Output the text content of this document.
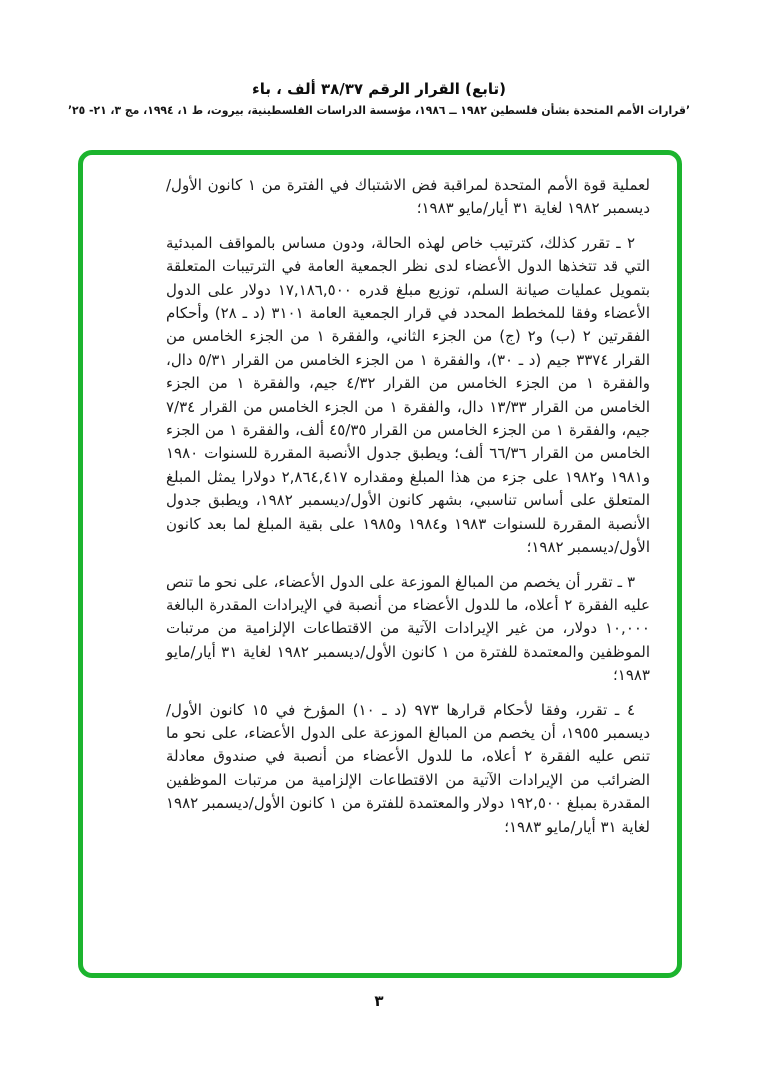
(تابع) القرار الرقم ٣٨/٣٧ ألف ، باء
’قرارات الأمم المتحدة بشأن فلسطين ١٩٨٢ ــ ١٩٨٦، مؤسسة الدراسات الفلسطينية، بيروت، ط ١، ١٩٩٤، مج ٣، ٢١- ٢٥’

لعملية قوة الأمم المتحدة لمراقبة فض الاشتباك في الفترة من ١ كانون الأول/ديسمبر ١٩٨٢ لغاية ٣١ أيار/مايو ١٩٨٣؛

٢ ـ تقرر كذلك، كترتيب خاص لهذه الحالة، ودون مساس بالمواقف المبدئية التي قد تتخذها الدول الأعضاء لدى نظر الجمعية العامة في الترتيبات المتعلقة بتمويل عمليات صيانة السلم، توزيع مبلغ قدره ١٧,١٨٦,٥٠٠ دولار على الدول الأعضاء وفقا للمخطط المحدد في قرار الجمعية العامة ٣١٠١ (د ـ ٢٨) وأحكام الفقرتين ٢ (ب) و٢ (ج) من الجزء الثاني، والفقرة ١ من الجزء الخامس من القرار ٣٣٧٤ جيم (د ـ ٣٠)، والفقرة ١ من الجزء الخامس من القرار ٥/٣١ دال، والفقرة ١ من الجزء الخامس من القرار ٤/٣٢ جيم، والفقرة ١ من الجزء الخامس من القرار ١٣/٣٣ دال، والفقرة ١ من الجزء الخامس من القرار ٧/٣٤ جيم، والفقرة ١ من الجزء الخامس من القرار ٤٥/٣٥ ألف، والفقرة ١ من الجزء الخامس من القرار ٦٦/٣٦ ألف؛ ويطبق جدول الأنصبة المقررة للسنوات ١٩٨٠ و١٩٨١ و١٩٨٢ على جزء من هذا المبلغ ومقداره ٢,٨٦٤,٤١٧ دولارا يمثل المبلغ المتعلق على أساس تناسبي، بشهر كانون الأول/ديسمبر ١٩٨٢، ويطبق جدول الأنصبة المقررة للسنوات ١٩٨٣ و١٩٨٤ و١٩٨٥ على بقية المبلغ لما بعد كانون الأول/ديسمبر ١٩٨٢؛

٣ ـ تقرر أن يخصم من المبالغ الموزعة على الدول الأعضاء، على نحو ما تنص عليه الفقرة ٢ أعلاه، ما للدول الأعضاء من أنصبة في الإيرادات المقدرة البالغة ١٠,٠٠٠ دولار، من غير الإيرادات الآتية من الاقتطاعات الإلزامية من مرتبات الموظفين والمعتمدة للفترة من ١ كانون الأول/ديسمبر ١٩٨٢ لغاية ٣١ أيار/مايو ١٩٨٣؛

٤ ـ تقرر، وفقا لأحكام قرارها ٩٧٣ (د ـ ١٠) المؤرخ في ١٥ كانون الأول/ديسمبر ١٩٥٥، أن يخصم من المبالغ الموزعة على الدول الأعضاء، على نحو ما تنص عليه الفقرة ٢ أعلاه، ما للدول الأعضاء من أنصبة في صندوق معادلة الضرائب من الإيرادات الآتية من الاقتطاعات الإلزامية من مرتبات الموظفين المقدرة بمبلغ ١٩٢,٥٠٠ دولار والمعتمدة للفترة من ١ كانون الأول/ديسمبر ١٩٨٢ لغاية ٣١ أيار/مايو ١٩٨٣؛

٣
